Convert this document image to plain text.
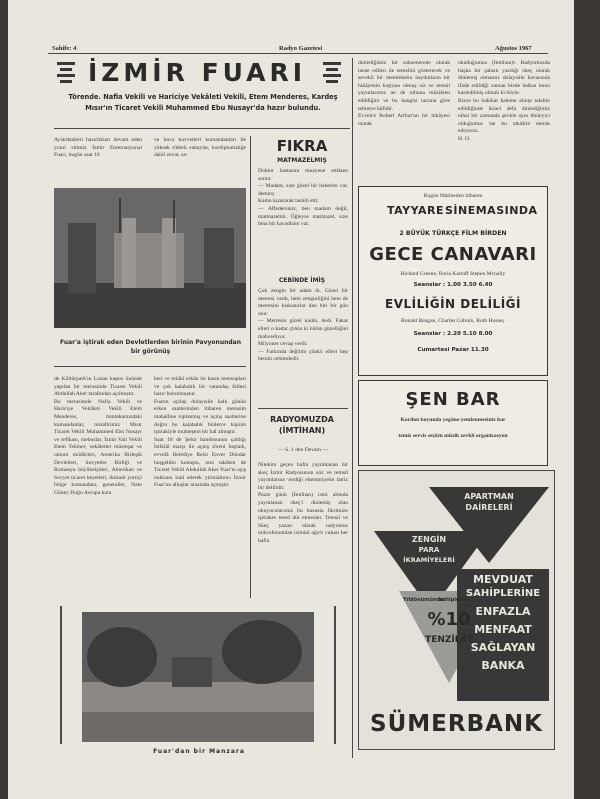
Sahife: 4	Radyo Gazetesi	Ağustos 1967
İZMİR FUARI
Törende. Nafia Vekili ve Hariciye Vekâleti Vekili, Etem Menderes, Kardeş Mısır'ın Ticaret Vekili Muhammed Ebu Nusayr'da hazır bulundu.
Aylardanberi hazırlıkları devam eden yıınıi sitimiz İzmir Enternasyonal Fuarı, bugün saat 18
ve hava kuvvetleri kumandanları ile yüksek rütbeli subaylar, kordiplomatiğe dahil zevat, sa-
Fuar'a iştirak eden Devletlerden birinin Pavyonundan bir görünüş
de Kültürpark'ın Lozan kapısı önünde yapılan bir merasimle Ticaret Vekili Abdullah Aker tarafından açılmıştır.
Bu merasimde Nafia Vekili ve Hariciye Vekâleti Vekili Etem Menderes, mıntakamızdaki kumandanlar, misafirimiz Mısır Ticaret Vekili Muhammed Ebu Nusayr ve refikası, mebuslar, İzmir Vali Vekili Etem Tekiner, vekâletler müsteşar ve umum müdürleri, Amerika Birleşik Devletleri, Sovyetler Birliği ve Romanya büyükelçileri, Amerikan ve Sovyet ticaret heyetleri, iktisadi yurtiçi bölge kumandanı, generaller, Nato Güney Doğu Avrupa kara
keri ve mülkî erkân ile basın mensupları ve çok kalabalık bir vatandaş kitlesi hazır bulunmuştur.
Fuarın açılışı dolayısile halk günün erken saatlerinden itibaren merasim mahalline toplanmış ve açılış saatlerine doğru bu kalabalık binlerce kişinin iştirakiyle muhteşem bir hal almıştır.
Saat 18 de Şehir bandosunun çaldığı İstiklâl marşı ile açılış töreni başladı, evvelâ Belediye Reisi Enver Dündar hoşgeldin konuştu, onu takiben de Ticaret Vekili Abdullah Aker Fuar'ın açış nutkunu irad ederek yirmialtıncı İzmir Fuar'ını alkışlar arasında açmıştır.
Fuar'dan bir Manzara
FIKRA
MATMAZELMIŞ
Doktor hastasını muayene ettikten sonra:
— Madam, size güzel bir haberim var, deminç
Kadın kızararak tashih etti:
— Affedersiniz, ben madam değil, matmazelim. Öğleyse matmazel, size fena bir havadisim var.
CEBİNDE İMİŞ
Çok zengin bir adam dı. Güzel bir metresi vardı, hem zenginliğini hem de metresini kıskanırlar dan biri bir gün onu:
— Metresin güzel kadın, dedi. Fakat elleri o kadar çirkin ki bütün güzelliğini mahvediyor.
Milyoner cevap verdi.
— Farkında değilim çünkü elleri hep benim cebimdedir.
RADYOMUZDA (İMTİHAN)
— S. 1 den Devam —
Nitekim geçen hafta yayımlanan bir skeç İzmir Radyosunun söz ve temsil yayımlarına verdiği ehemmiyetin bariz bir delilidir.
Pazar günü (İmtihan) ismi altında yayınlanan skeç'i dinlemiş olan okuyucularımız bu hususta fikrimize iştirakte tered düt etmezler. Temsil ve Skeç yazarı olarak radyomuz mikrofonundan isimini ağırlı vukarı her hafta
dinlediğimiz bir sahnenerede olarak lanse edilen ile temelini gösterecek ve sevekli bir memleketin haydutların bir hikâyenin kopyası olmuş siz ve temsil yayınlarımız ne de ruhuna müzikten edildiğini ve bu hangisi tarzına göre telmeye kâfidir.
Evvelce Robert Arthur'un bir hikâyesi olarak
okuduğumuz (İmtihan)'ı Radyomuzda başka bir şahsın yazdığı skeç olarak dinlemiş olmamız dolayısile havasında ifade edildiği zaman bizde halkın bunu kastedilmiş olmalı ki böyle.
Bizce bu hakikat kaleme alınıp takdim edildiğinde ikinci defa dinlediğimiz nihai bir zamanda şevkle aynı dinleyici olduğumuz ise bu takdirle merak ediyoruz.
H. O.
Bugün Matineden itibaren
TAYYARE SİNEMASINDA
2 BÜYÜK TÜRKÇE FİLM BİRDEN
GECE CANAVARI
Richard Greene, Boris Karloff Stepen Mcnally
Seanslar : 1.00 3.50 6.40
EVLİLİĞİN DELİLİĞİ
Ronald Reagan, Charles Coburn, Ruth Hussey
Seanslar : 2.20 5.10 8.00
Cumartesi Pazar 11.30
ŞEN BAR
Kordon boyunda yegâne yemlenmesiniz bar
temiz servis seçkin müzik zevkli organizasyon
APARTMAN
DAİRELERİ
ZENGİN
PARA
İKRAMİYELERİ
Yıldönümünde
sahiplerine
%10
TENZİLÂT
MEVDUAT
SAHİPLERİNE
ENFAZLA
MENFAAT
SAĞLAYAN
BANKA
SÜMERBANK
